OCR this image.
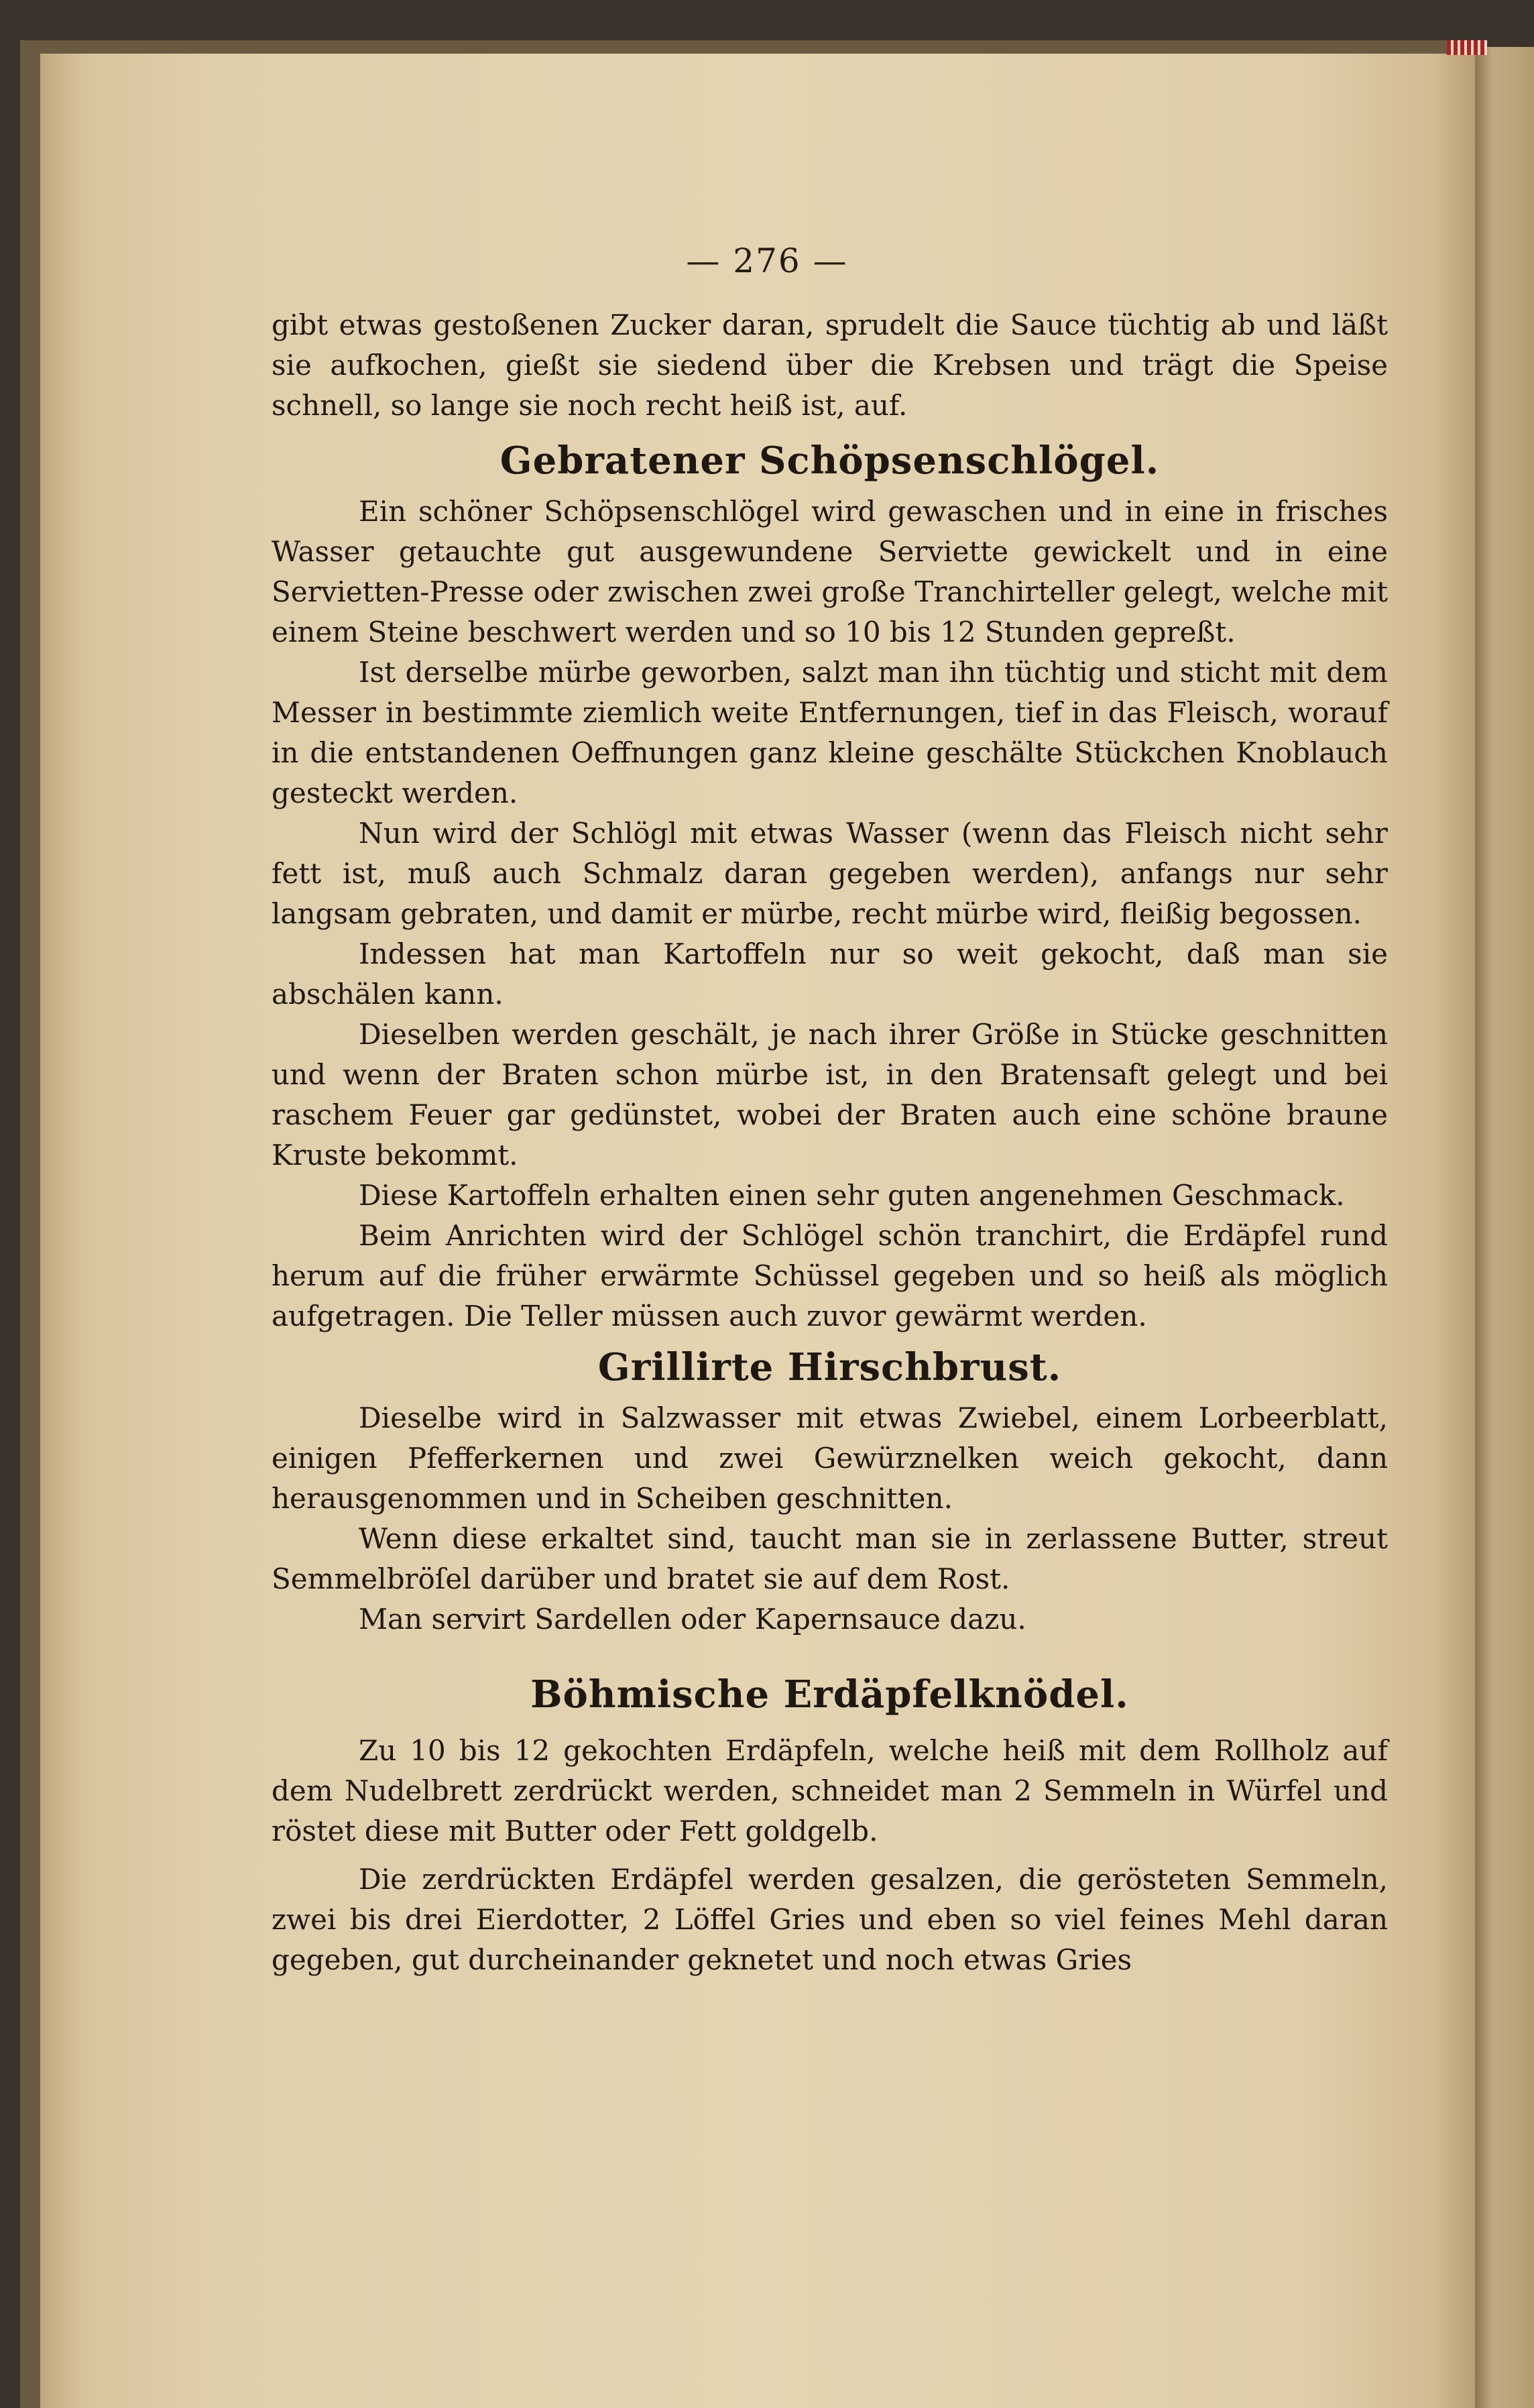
— 276 —

gibt etwas gestoßenen Zucker daran, sprudelt die Sauce tüchtig ab und läßt sie aufkochen, gießt sie siedend über die Krebsen und trägt die Speise schnell, so lange sie noch recht heiß ist, auf.

Gebratener Schöpsenschlögel.

Ein schöner Schöpsenschlögel wird gewaschen und in eine in frisches Wasser getauchte gut ausgewundene Serviette gewickelt und in eine Servietten-Presse oder zwischen zwei große Tranchirteller gelegt, welche mit einem Steine beschwert werden und so 10 bis 12 Stunden gepreßt.

Ist derselbe mürbe geworben, salzt man ihn tüchtig und sticht mit dem Messer in bestimmte ziemlich weite Entfernungen, tief in das Fleisch, worauf in die entstandenen Oeffnungen ganz kleine geschälte Stückchen Knoblauch gesteckt werden.

Nun wird der Schlögl mit etwas Wasser (wenn das Fleisch nicht sehr fett ist, muß auch Schmalz daran gegeben werden), anfangs nur sehr langsam gebraten, und damit er mürbe, recht mürbe wird, fleißig begossen.

Indessen hat man Kartoffeln nur so weit gekocht, daß man sie abschälen kann.

Dieselben werden geschält, je nach ihrer Größe in Stücke geschnitten und wenn der Braten schon mürbe ist, in den Bratensaft gelegt und bei raschem Feuer gar gedünstet, wobei der Braten auch eine schöne braune Kruste bekommt.

Diese Kartoffeln erhalten einen sehr guten angenehmen Geschmack.

Beim Anrichten wird der Schlögel schön tranchirt, die Erdäpfel rund herum auf die früher erwärmte Schüssel gegeben und so heiß als möglich aufgetragen. Die Teller müssen auch zuvor gewärmt werden.

Grillirte Hirschbrust.

Dieselbe wird in Salzwasser mit etwas Zwiebel, einem Lorbeerblatt, einigen Pfefferkernen und zwei Gewürznelken weich gekocht, dann herausgenommen und in Scheiben geschnitten.

Wenn diese erkaltet sind, taucht man sie in zerlassene Butter, streut Semmelbröſel darüber und bratet sie auf dem Rost.

Man servirt Sardellen oder Kapernsauce dazu.

Böhmische Erdäpfelknödel.

Zu 10 bis 12 gekochten Erdäpfeln, welche heiß mit dem Rollholz auf dem Nudelbrett zerdrückt werden, schneidet man 2 Semmeln in Würfel und röstet diese mit Butter oder Fett goldgelb.

Die zerdrückten Erdäpfel werden gesalzen, die gerösteten Semmeln, zwei bis drei Eierdotter, 2 Löffel Gries und eben so viel feines Mehl daran gegeben, gut durcheinander geknetet und noch etwas Gries
